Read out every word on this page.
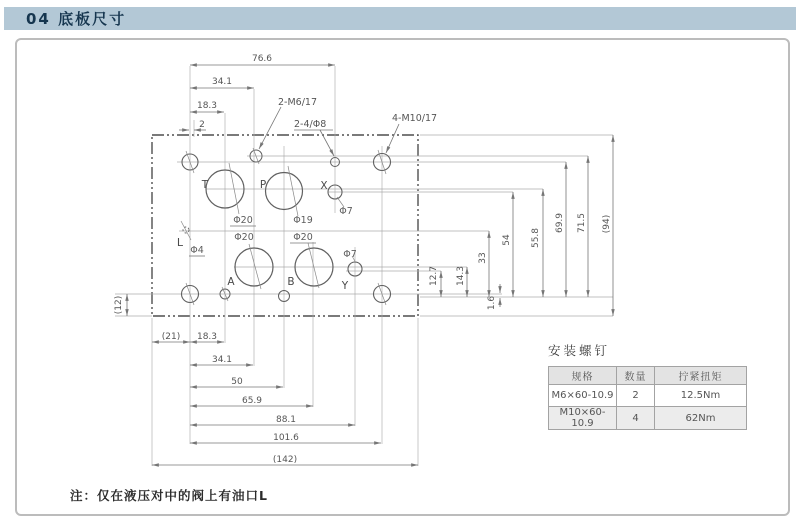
04 底板尺寸
76.6
34.1
18.3
2
2-M6/17
2-4/Φ8
4-M10/17
T	P	X
A	B	Y
L
Φ20	Φ19
Φ7
Φ20	Φ20
Φ7
Φ4
(21) 18.3
34.1
50
65.9
88.1
101.6
(142)
12.7 14.3
33
54 55.8
69.9 71.5 (94)
1.6
(12)
安装螺钉
规格	数量	拧紧扭矩
M6×60-10.9	2	12.5Nm
M10×60-10.9	4	62Nm
注：仅在液压对中的阀上有油口L
